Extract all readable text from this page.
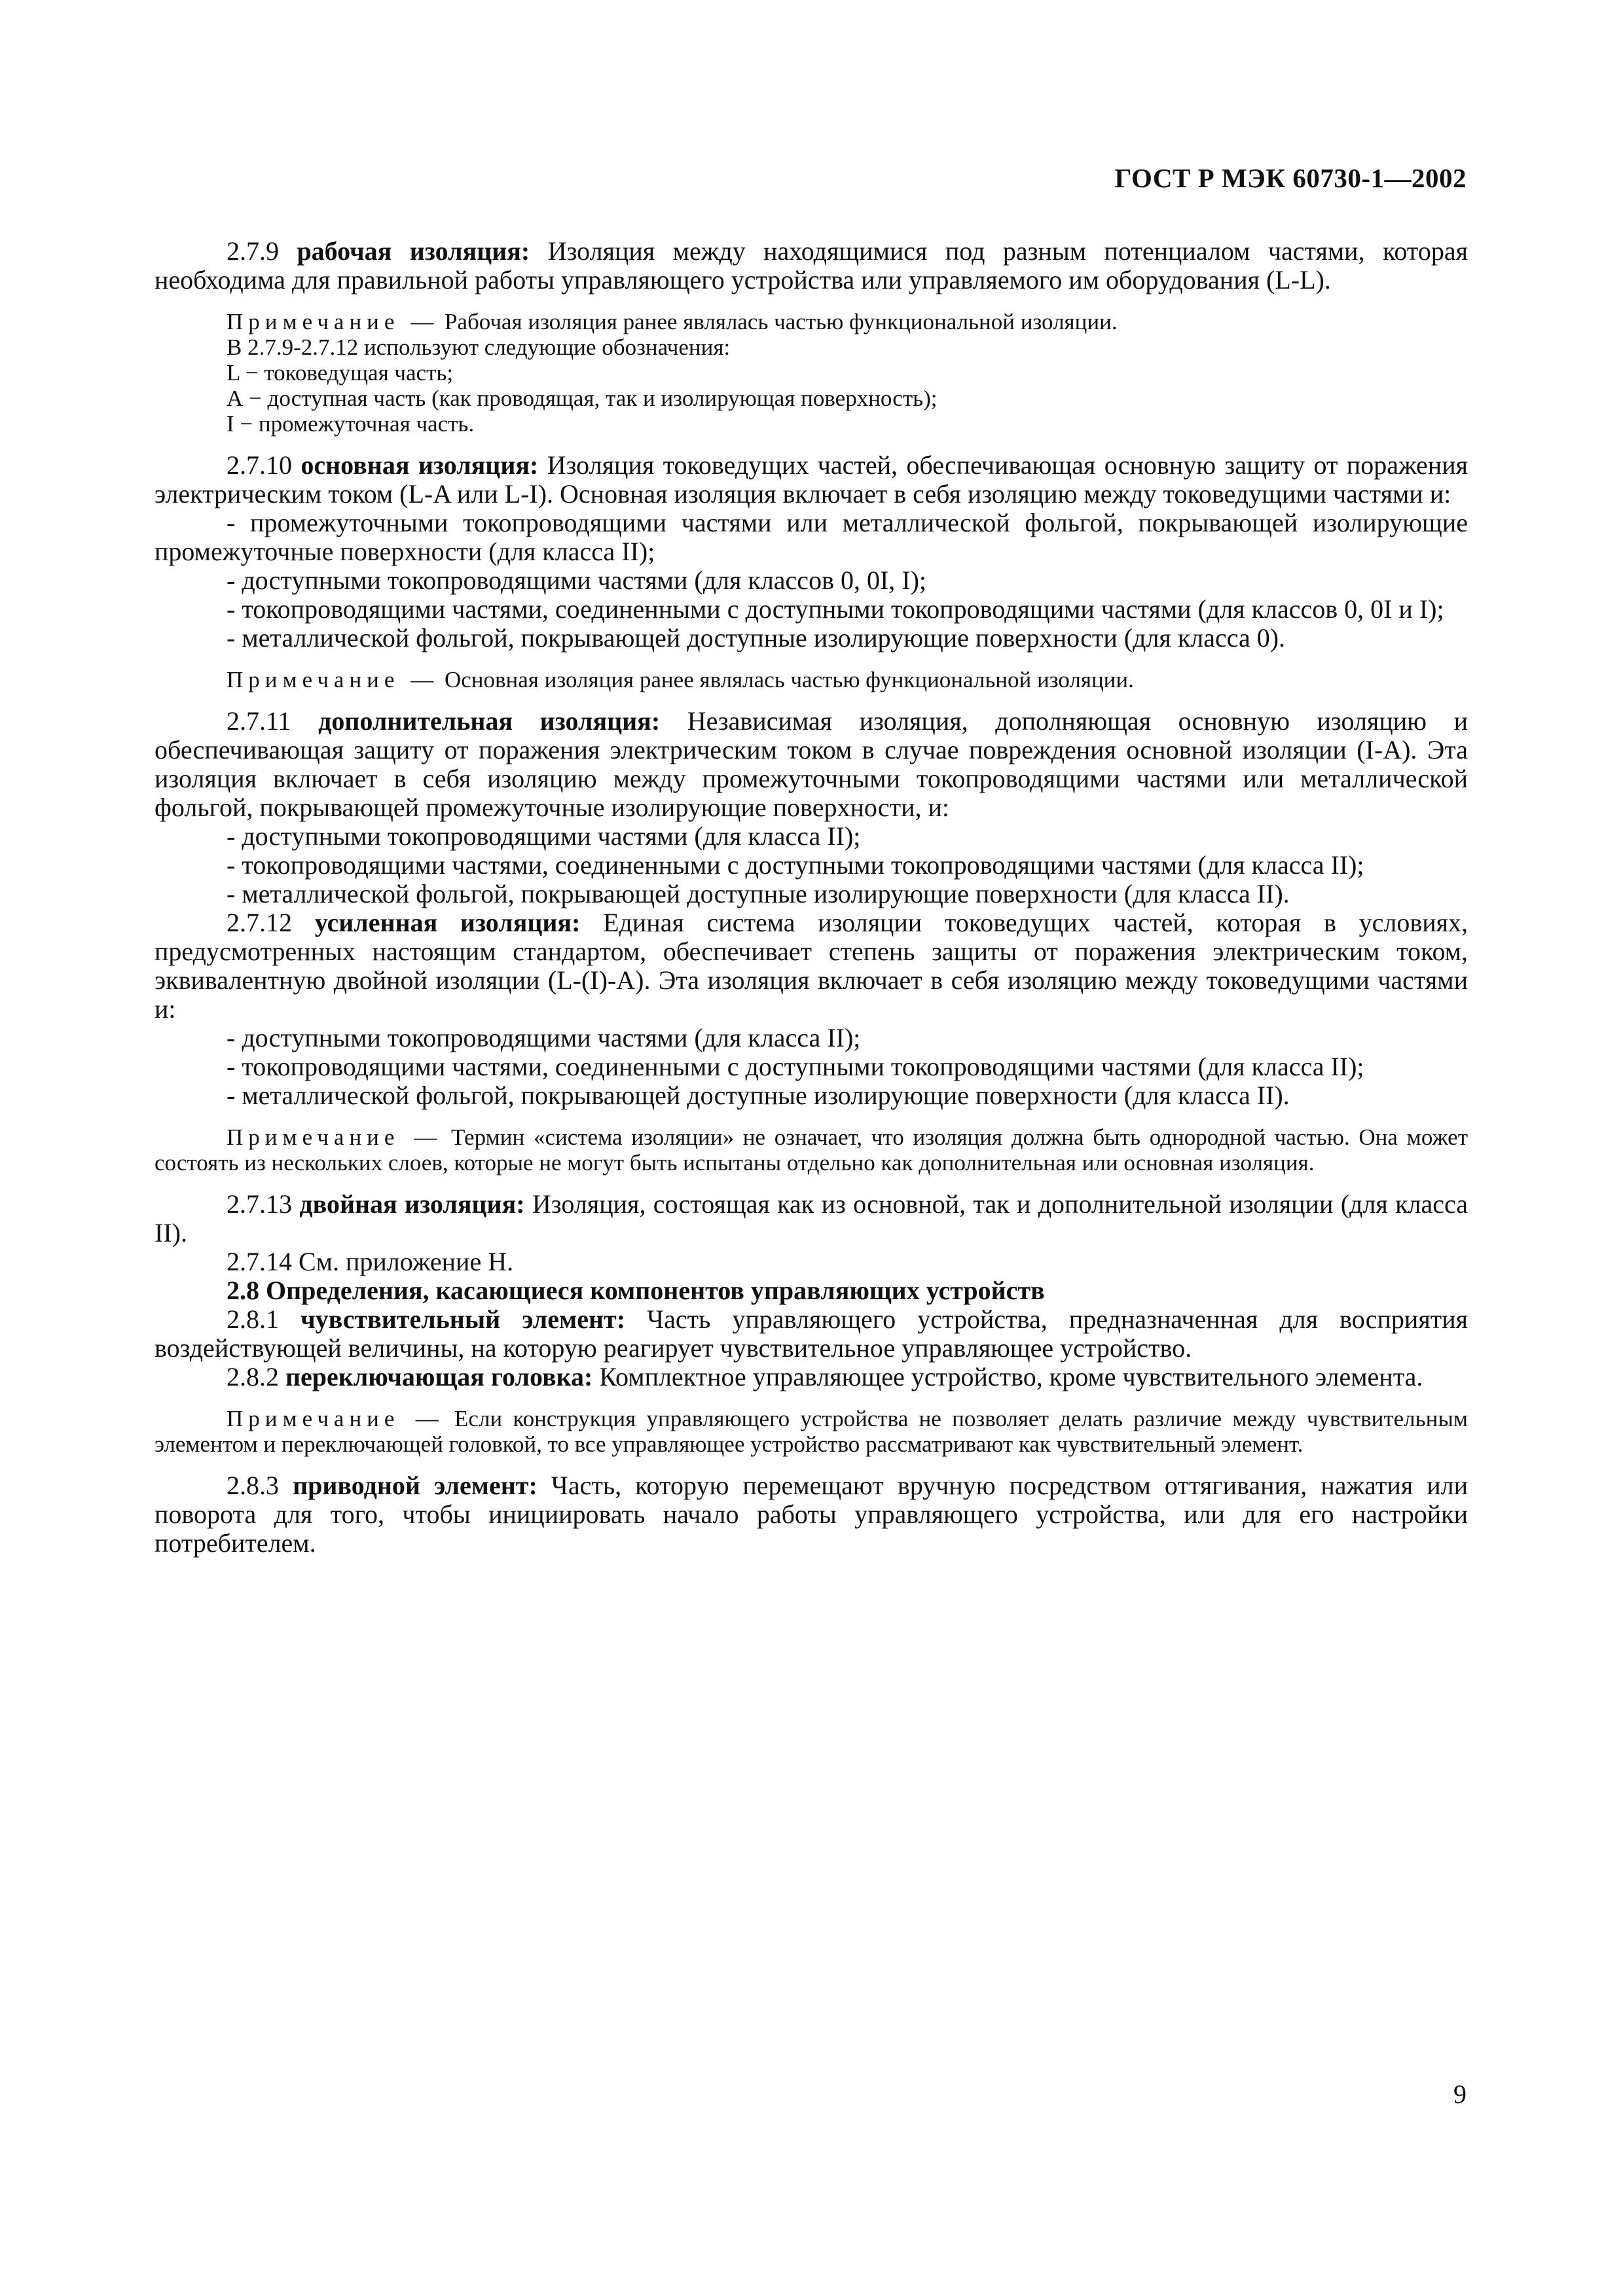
ГОСТ Р МЭК 60730-1—2002

2.7.9 рабочая изоляция: Изоляция между находящимися под разным потенциалом частями, которая необходима для правильной работы управляющего устройства или управляемого им оборудования (L-L).

Примечание — Рабочая изоляция ранее являлась частью функциональной изоляции.

В 2.7.9-2.7.12 используют следующие обозначения:

L − токоведущая часть;

А − доступная часть (как проводящая, так и изолирующая поверхность);

I − промежуточная часть.

2.7.10 основная изоляция: Изоляция токоведущих частей, обеспечивающая основную защиту от поражения электрическим током (L-A или L-I). Основная изоляция включает в себя изоляцию между токоведущими частями и:

- промежуточными токопроводящими частями или металлической фольгой, покрывающей изолирующие промежуточные поверхности (для класса II);

- доступными токопроводящими частями (для классов 0, 0I, I);

- токопроводящими частями, соединенными с доступными токопроводящими частями (для классов 0, 0I и I);

- металлической фольгой, покрывающей доступные изолирующие поверхности (для класса 0).

Примечание — Основная изоляция ранее являлась частью функциональной изоляции.

2.7.11 дополнительная изоляция: Независимая изоляция, дополняющая основную изоляцию и обеспечивающая защиту от поражения электрическим током в случае повреждения основной изоляции (I-A). Эта изоляция включает в себя изоляцию между промежуточными токопроводящими частями или металлической фольгой, покрывающей промежуточные изолирующие поверхности, и:

- доступными токопроводящими частями (для класса II);

- токопроводящими частями, соединенными с доступными токопроводящими частями (для класса II);

- металлической фольгой, покрывающей доступные изолирующие поверхности (для класса II).

2.7.12 усиленная изоляция: Единая система изоляции токоведущих частей, которая в условиях, предусмотренных настоящим стандартом, обеспечивает степень защиты от поражения электрическим током, эквивалентную двойной изоляции (L-(I)-A). Эта изоляция включает в себя изоляцию между токоведущими частями и:

- доступными токопроводящими частями (для класса II);

- токопроводящими частями, соединенными с доступными токопроводящими частями (для класса II);

- металлической фольгой, покрывающей доступные изолирующие поверхности (для класса II).

Примечание — Термин «система изоляции» не означает, что изоляция должна быть однородной частью. Она может состоять из нескольких слоев, которые не могут быть испытаны отдельно как дополнительная или основная изоляция.

2.7.13 двойная изоляция: Изоляция, состоящая как из основной, так и дополнительной изоляции (для класса II).

2.7.14 См. приложение Н.

2.8 Определения, касающиеся компонентов управляющих устройств

2.8.1 чувствительный элемент: Часть управляющего устройства, предназначенная для восприятия воздействующей величины, на которую реагирует чувствительное управляющее устройство.

2.8.2 переключающая головка: Комплектное управляющее устройство, кроме чувствительного элемента.

Примечание — Если конструкция управляющего устройства не позволяет делать различие между чувствительным элементом и переключающей головкой, то все управляющее устройство рассматривают как чувствительный элемент.

2.8.3 приводной элемент: Часть, которую перемещают вручную посредством оттягивания, нажатия или поворота для того, чтобы инициировать начало работы управляющего устройства, или для его настройки потребителем.

9
